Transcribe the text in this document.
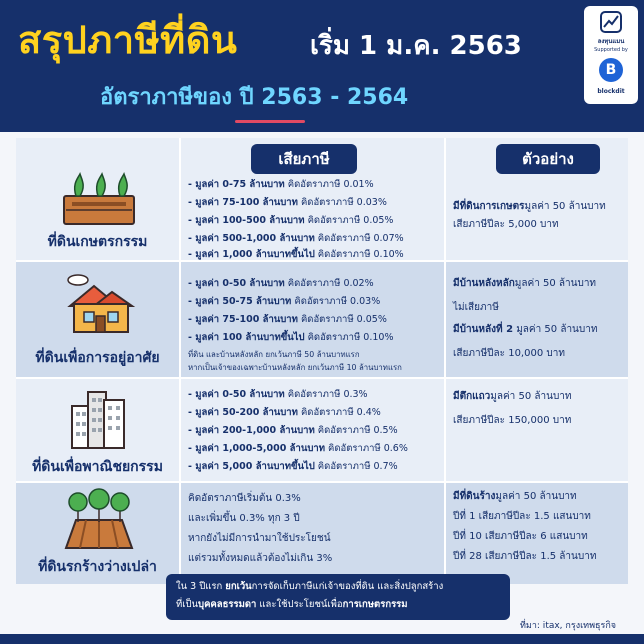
สรุปภาษีที่ดิน	เริ่ม 1 ม.ค. 2563
อัตราภาษีของ ปี 2563 - 2564
ลงทุนแมน
Supported by
B
blockdit
เสียภาษี	ตัวอย่าง
ที่ดินเกษตรกรรม
- มูลค่า 0-75 ล้านบาท คิดอัตราภาษี 0.01%
- มูลค่า 75-100 ล้านบาท คิดอัตราภาษี 0.03%
- มูลค่า 100-500 ล้านบาท คิดอัตราภาษี 0.05%
- มูลค่า 500-1,000 ล้านบาท คิดอัตราภาษี 0.07%
- มูลค่า 1,000 ล้านบาทขึ้นไป คิดอัตราภาษี 0.10%
มีที่ดินการเกษตรมูลค่า 50 ล้านบาท
เสียภาษีปีละ 5,000 บาท
ที่ดินเพื่อการอยู่อาศัย
- มูลค่า 0-50 ล้านบาท คิดอัตราภาษี 0.02%
- มูลค่า 50-75 ล้านบาท คิดอัตราภาษี 0.03%
- มูลค่า 75-100 ล้านบาท คิดอัตราภาษี 0.05%
- มูลค่า 100 ล้านบาทขึ้นไป คิดอัตราภาษี 0.10%
ที่ดิน และบ้านหลังหลัก ยกเว้นภาษี 50 ล้านบาทแรก
หากเป็นเจ้าของเฉพาะบ้านหลังหลัก ยกเว้นภาษี 10 ล้านบาทแรก
มีบ้านหลังหลักมูลค่า 50 ล้านบาท
ไม่เสียภาษี
มีบ้านหลังที่ 2 มูลค่า 50 ล้านบาท
เสียภาษีปีละ 10,000 บาท
ที่ดินเพื่อพาณิชยกรรม
- มูลค่า 0-50 ล้านบาท คิดอัตราภาษี 0.3%
- มูลค่า 50-200 ล้านบาท คิดอัตราภาษี 0.4%
- มูลค่า 200-1,000 ล้านบาท คิดอัตราภาษี 0.5%
- มูลค่า 1,000-5,000 ล้านบาท คิดอัตราภาษี 0.6%
- มูลค่า 5,000 ล้านบาทขึ้นไป คิดอัตราภาษี 0.7%
มีตึกแถวมูลค่า 50 ล้านบาท
เสียภาษีปีละ 150,000 บาท
ที่ดินรกร้างว่างเปล่า
คิดอัตราภาษีเริ่มต้น 0.3%
และเพิ่มขึ้น 0.3% ทุก 3 ปี
หากยังไม่มีการนำมาใช้ประโยชน์
แต่รวมทั้งหมดแล้วต้องไม่เกิน 3%
มีที่ดินร้างมูลค่า 50 ล้านบาท
ปีที่ 1 เสียภาษีปีละ 1.5 แสนบาท
ปีที่ 10 เสียภาษีปีละ 6 แสนบาท
ปีที่ 28 เสียภาษีปีละ 1.5 ล้านบาท
ใน 3 ปีแรก ยกเว้นการจัดเก็บภาษีแก่เจ้าของที่ดิน และสิ่งปลูกสร้าง
ที่เป็นบุคคลธรรมดา และใช้ประโยชน์เพื่อการเกษตรกรรม
ที่มา: itax, กรุงเทพธุรกิจ
